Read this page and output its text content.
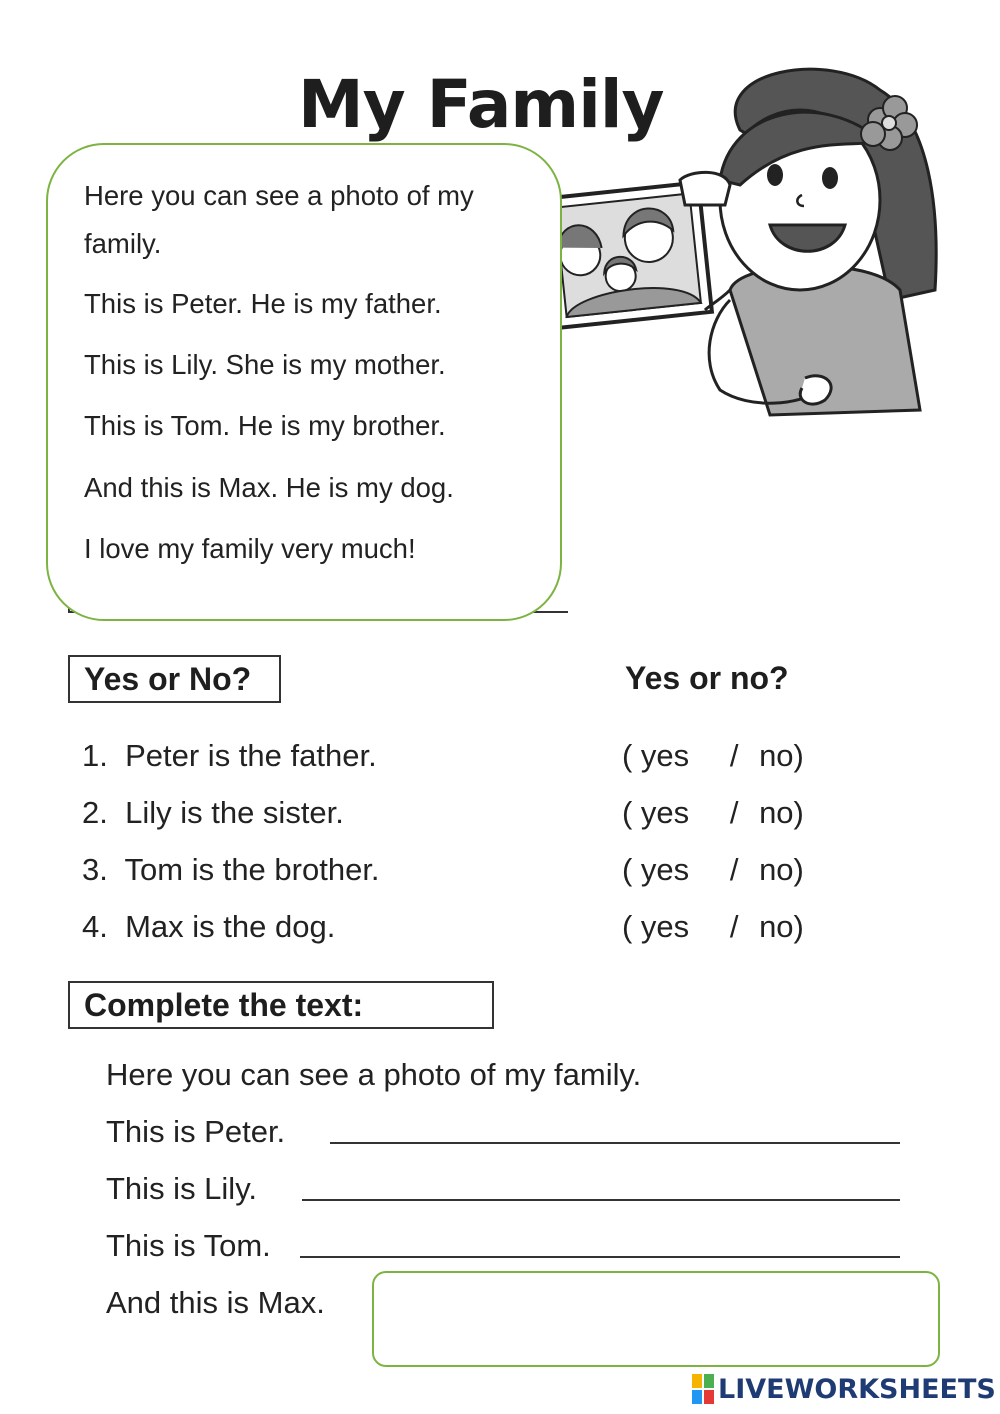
My Family
Here you can see a photo of my
family.
This is Peter. He is my father.
This is Lily. She is my mother.
This is Tom. He is my brother.
And this is Max. He is my dog.
I love my family very much!
Yes or No?	Yes or no?
1. Peter is the father.	( yes / no)
2. Lily is the sister.	( yes / no)
3. Tom is the brother.	( yes / no)
4. Max is the dog.	( yes / no)
Complete the text:
Here you can see a photo of my family.
This is Peter.
This is Lily.
This is Tom.
And this is Max.
LIVEWORKSHEETS
